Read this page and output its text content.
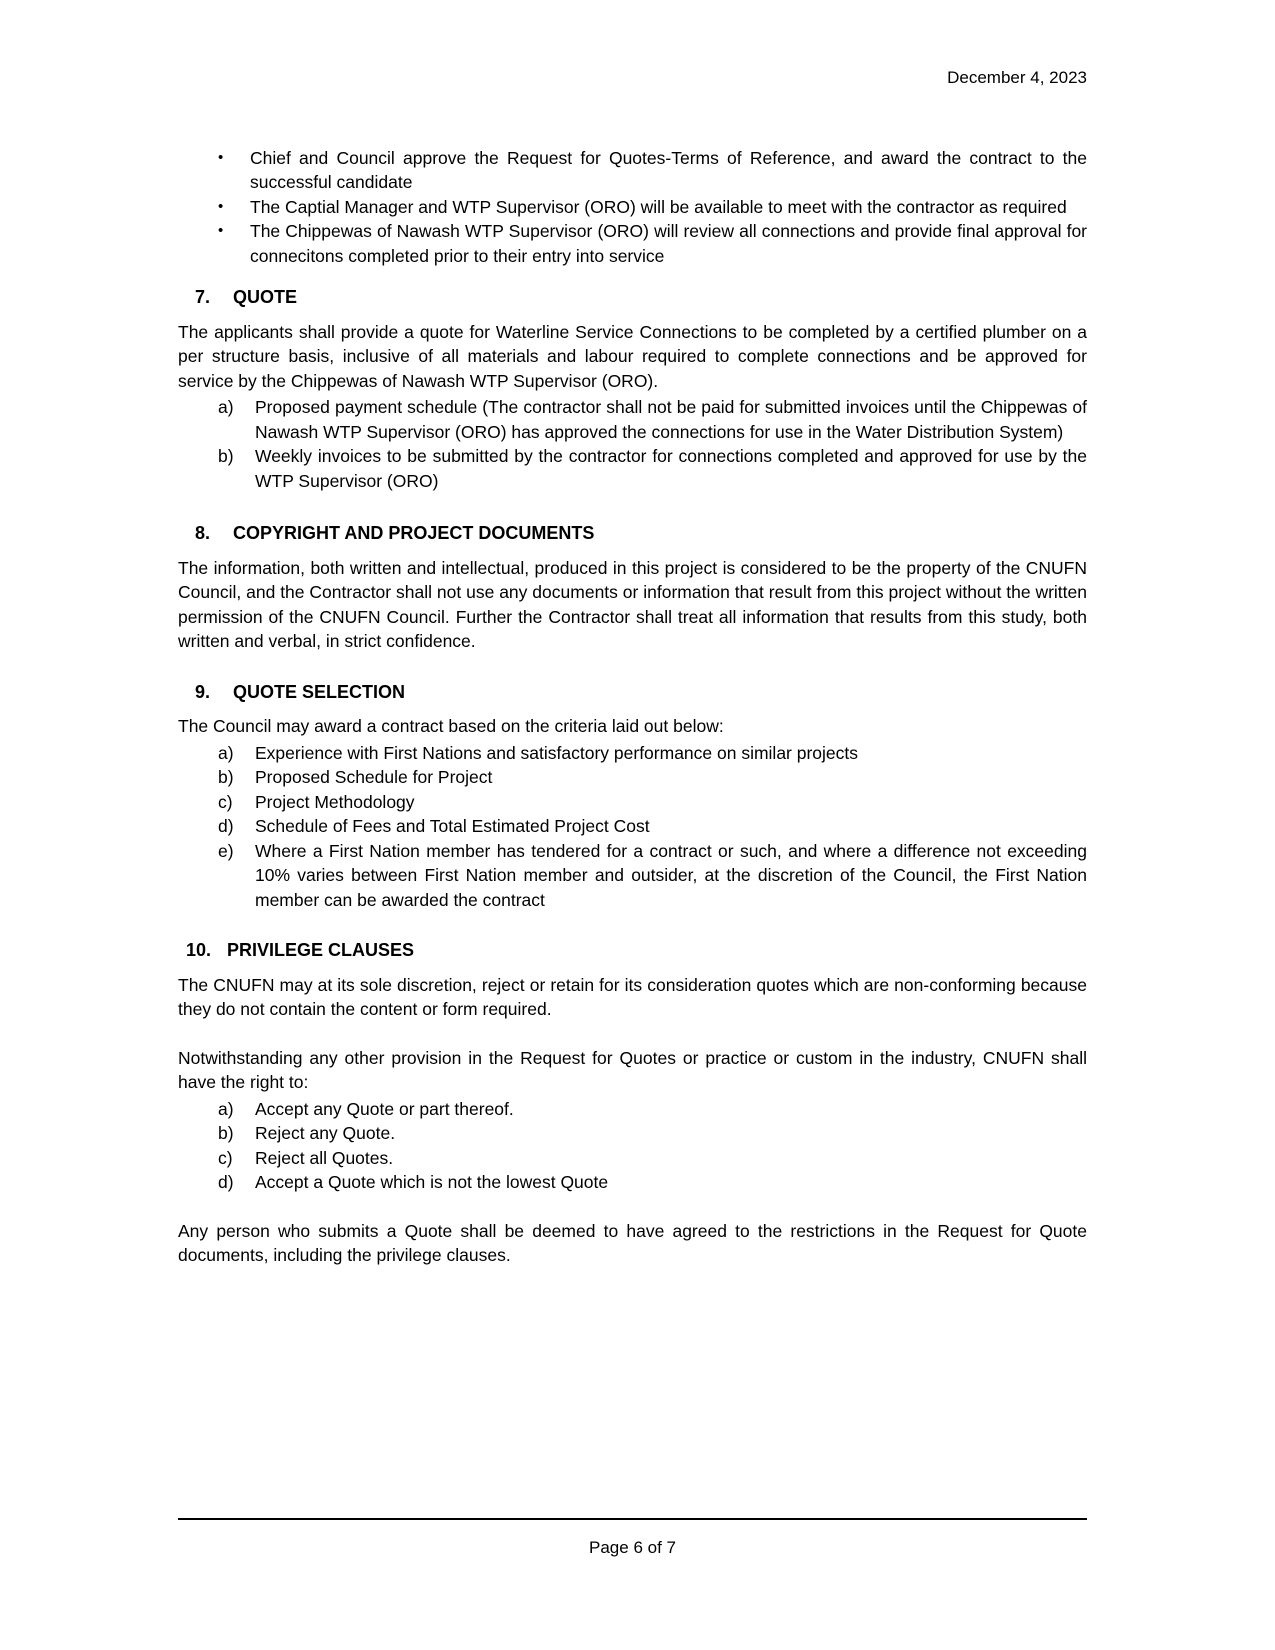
December 4, 2023
•	Chief and Council approve the Request for Quotes-Terms of Reference, and award the contract to the successful candidate
•	The Captial Manager and WTP Supervisor (ORO) will be available to meet with the contractor as required
•	The Chippewas of Nawash WTP Supervisor (ORO) will review all connections and provide final approval for connecitons completed prior to their entry into service
7.	QUOTE

The applicants shall provide a quote for Waterline Service Connections to be completed by a certified plumber on a per structure basis, inclusive of all materials and labour required to complete connections and be approved for service by the Chippewas of Nawash WTP Supervisor (ORO).

a)	Proposed payment schedule (The contractor shall not be paid for submitted invoices until the Chippewas of Nawash WTP Supervisor (ORO) has approved the connections for use in the Water Distribution System)
b)	Weekly invoices to be submitted by the contractor for connections completed and approved for use by the WTP Supervisor (ORO)
8.	COPYRIGHT AND PROJECT DOCUMENTS

The information, both written and intellectual, produced in this project is considered to be the property of the CNUFN Council, and the Contractor shall not use any documents or information that result from this project without the written permission of the CNUFN Council. Further the Contractor shall treat all information that results from this study, both written and verbal, in strict confidence.

9.	QUOTE SELECTION

The Council may award a contract based on the criteria laid out below:

a)	Experience with First Nations and satisfactory performance on similar projects
b)	Proposed Schedule for Project
c)	Project Methodology
d)	Schedule of Fees and Total Estimated Project Cost
e)	Where a First Nation member has tendered for a contract or such, and where a difference not exceeding 10% varies between First Nation member and outsider, at the discretion of the Council, the First Nation member can be awarded the contract
10. PRIVILEGE CLAUSES

The CNUFN may at its sole discretion, reject or retain for its consideration quotes which are non-conforming because they do not contain the content or form required.

Notwithstanding any other provision in the Request for Quotes or practice or custom in the industry, CNUFN shall have the right to:

a)	Accept any Quote or part thereof.
b)	Reject any Quote.
c)	Reject all Quotes.
d)	Accept a Quote which is not the lowest Quote

Any person who submits a Quote shall be deemed to have agreed to the restrictions in the Request for Quote documents, including the privilege clauses.

Page 6 of 7
